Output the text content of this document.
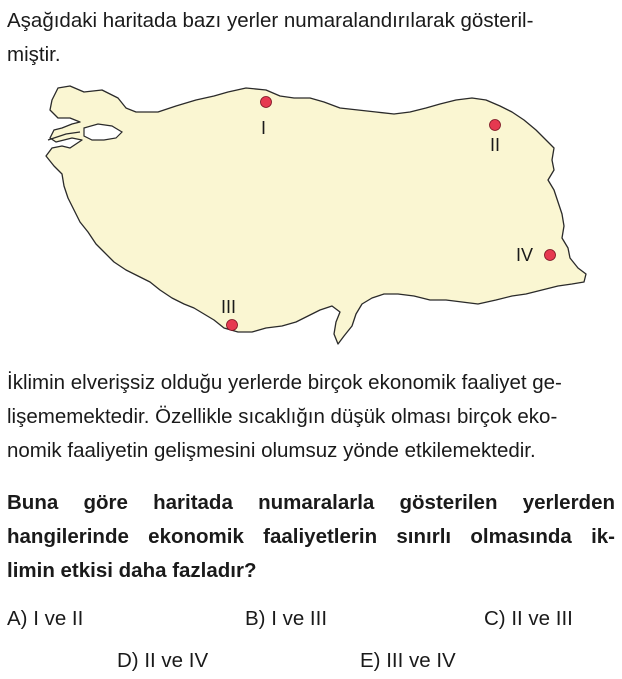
Aşağıdaki haritada bazı yerler numaralandırılarak gösteril-
miştir.
I
II
III
IV
İklimin elverişsiz olduğu yerlerde birçok ekonomik faaliyet ge-
lişememektedir. Özellikle sıcaklığın düşük olması birçok eko-
nomik faaliyetin gelişmesini olumsuz yönde etkilemektedir.
Buna göre haritada numaralarla gösterilen yerlerden
hangilerinde ekonomik faaliyetlerin sınırlı olmasında ik-
limin etkisi daha fazladır?
A) I ve II	B) I ve III	C) II ve III
D) II ve IV	E) III ve IV
